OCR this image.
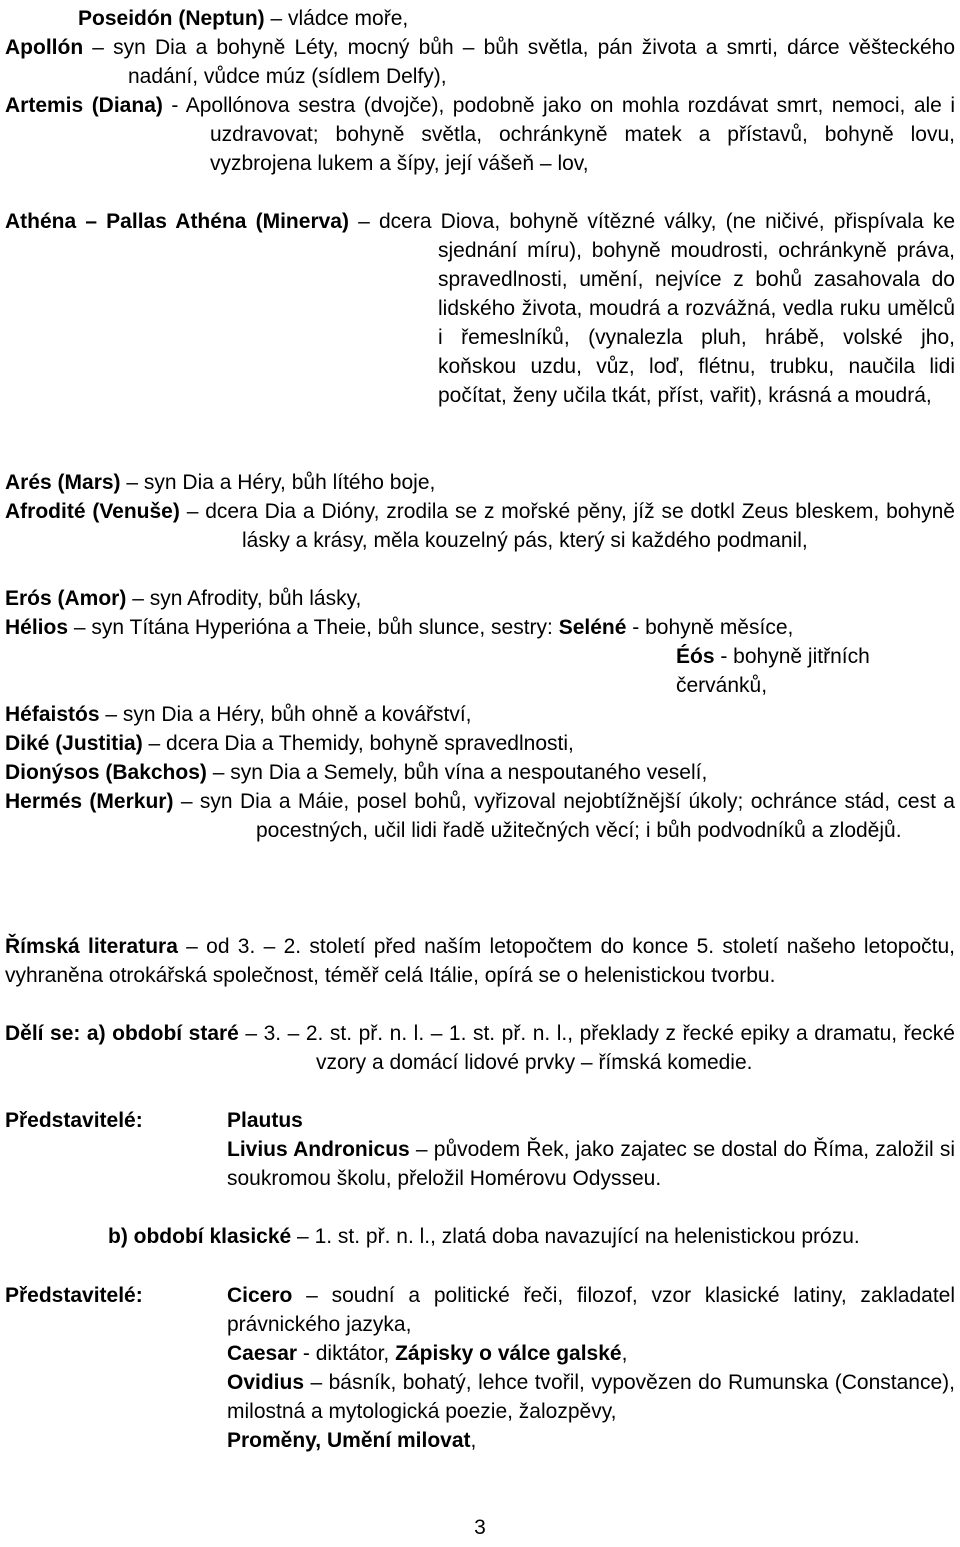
Poseidón (Neptun) – vládce moře,
Apollón – syn Dia a bohyně Léty, mocný bůh – bůh světla, pán života a smrti, dárce věšteckého nadání, vůdce múz (sídlem Delfy),
Artemis (Diana) - Apollónova sestra (dvojče), podobně jako on mohla rozdávat smrt, nemoci, ale i uzdravovat; bohyně světla, ochránkyně matek a přístavů, bohyně lovu, vyzbrojena lukem a šípy, její vášeň – lov,
Athéna – Pallas Athéna (Minerva) – dcera Diova, bohyně vítězné války, (ne ničivé, přispívala ke sjednání míru), bohyně moudrosti, ochránkyně práva, spravedlnosti, umění, nejvíce z bohů zasahovala do lidského života, moudrá a rozvážná, vedla ruku umělců i řemeslníků, (vynalezla pluh, hrábě, volské jho, koňskou uzdu, vůz, loď, flétnu, trubku, naučila lidi počítat, ženy učila tkát, příst, vařit), krásná a moudrá,
Arés (Mars) – syn Dia a Héry, bůh lítého boje,
Afrodité (Venuše) – dcera Dia a Dióny, zrodila se z mořské pěny, jíž se dotkl Zeus bleskem, bohyně lásky a krásy, měla kouzelný pás, který si každého podmanil,
Erós (Amor) – syn Afrodity, bůh lásky,
Hélios – syn Títána Hyperióna a Theie, bůh slunce, sestry: Seléné - bohyně měsíce,
Éós - bohyně jitřních červánků,
Héfaistós – syn Dia a Héry, bůh ohně a kovářství,
Diké (Justitia) – dcera Dia a Themidy, bohyně spravedlnosti,
Dionýsos (Bakchos) – syn Dia a Semely, bůh vína a nespoutaného veselí,
Hermés (Merkur) – syn Dia a Máie, posel bohů, vyřizoval nejobtížnější úkoly; ochránce stád, cest a pocestných, učil lidi řadě užitečných věcí; i bůh podvodníků a zlodějů.
Římská literatura – od 3. – 2. století před naším letopočtem do konce 5. století našeho letopočtu, vyhraněna otrokářská společnost, téměř celá Itálie, opírá se o helenistickou tvorbu.
Dělí se: a) období staré – 3. – 2. st. př. n. l. – 1. st. př. n. l., překlady z řecké epiky a dramatu, řecké vzory a domácí lidové prvky – římská komedie.
Představitelé:	Plautus
Livius Andronicus – původem Řek, jako zajatec se dostal do Říma, založil si soukromou školu, přeložil Homérovu Odysseu.
b) období klasické – 1. st. př. n. l., zlatá doba navazující na helenistickou prózu.
Představitelé:	Cicero – soudní a politické řeči, filozof, vzor klasické latiny, zakladatel právnického jazyka,
Caesar - diktátor, Zápisky o válce galské,
Ovidius – básník, bohatý, lehce tvořil, vypovězen do Rumunska (Constance), milostná a mytologická poezie, žalozpěvy,
Proměny, Umění milovat,
3
